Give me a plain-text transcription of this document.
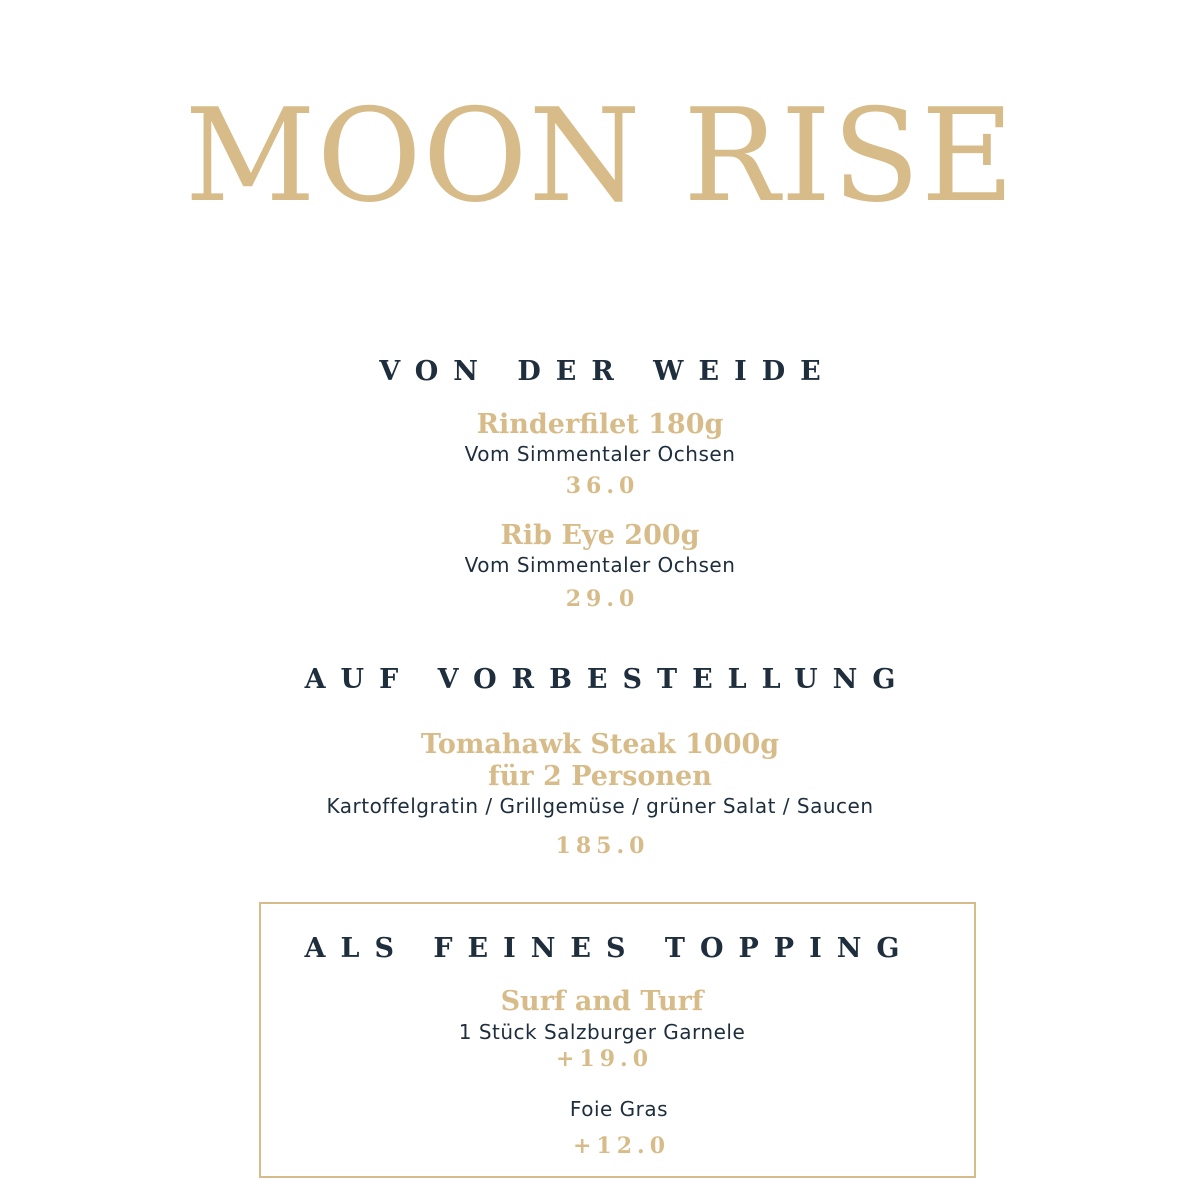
MOON RISE
VON DER WEIDE
Rinderfilet 180g
Vom Simmentaler Ochsen
36.0
Rib Eye 200g
Vom Simmentaler Ochsen
29.0
AUF VORBESTELLUNG
Tomahawk Steak 1000g
für 2 Personen
Kartoffelgratin / Grillgemüse / grüner Salat / Saucen
185.0
ALS FEINES TOPPING
Surf and Turf
1 Stück Salzburger Garnele
+19.0
Foie Gras
+12.0
